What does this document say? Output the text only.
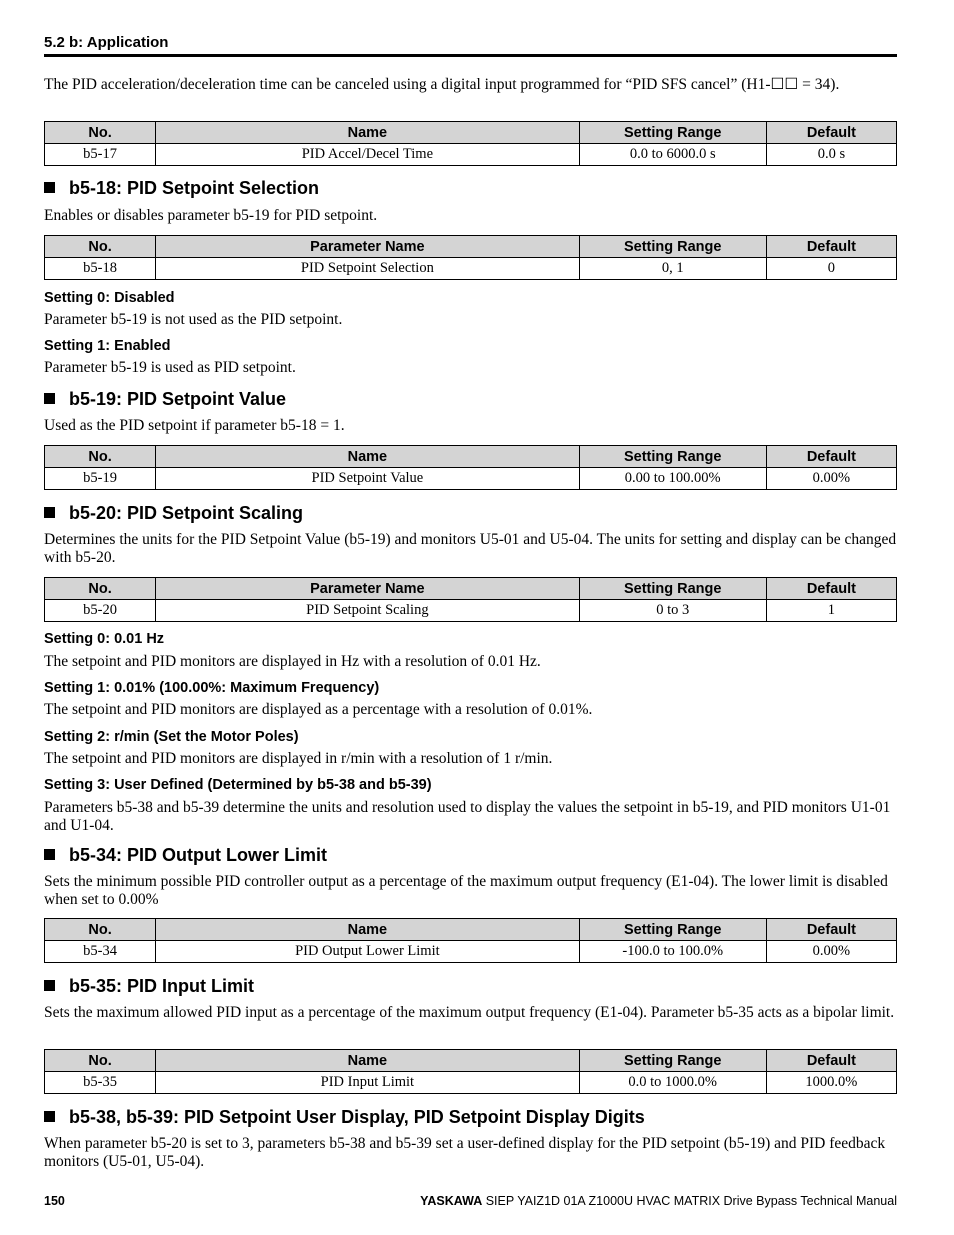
5.2 b: Application
The PID acceleration/deceleration time can be canceled using a digital input programmed for “PID SFS cancel” (H1-☐☐ = 34).
No.	Name	Setting Range	Default
b5-17	PID Accel/Decel Time	0.0 to 6000.0 s	0.0 s
b5-18: PID Setpoint Selection
Enables or disables parameter b5-19 for PID setpoint.
No.	Parameter Name	Setting Range	Default
b5-18	PID Setpoint Selection	0, 1	0
Setting 0: Disabled
Parameter b5-19 is not used as the PID setpoint.
Setting 1: Enabled
Parameter b5-19 is used as PID setpoint.
b5-19: PID Setpoint Value
Used as the PID setpoint if parameter b5-18 = 1.
No.	Name	Setting Range	Default
b5-19	PID Setpoint Value	0.00 to 100.00%	0.00%
b5-20: PID Setpoint Scaling
Determines the units for the PID Setpoint Value (b5-19) and monitors U5-01 and U5-04. The units for setting and display can be changed with b5-20.
No.	Parameter Name	Setting Range	Default
b5-20	PID Setpoint Scaling	0 to 3	1
Setting 0: 0.01 Hz
The setpoint and PID monitors are displayed in Hz with a resolution of 0.01 Hz.
Setting 1: 0.01% (100.00%: Maximum Frequency)
The setpoint and PID monitors are displayed as a percentage with a resolution of 0.01%.
Setting 2: r/min (Set the Motor Poles)
The setpoint and PID monitors are displayed in r/min with a resolution of 1 r/min.
Setting 3: User Defined (Determined by b5-38 and b5-39)
Parameters b5-38 and b5-39 determine the units and resolution used to display the values the setpoint in b5-19, and PID monitors U1-01 and U1-04.
b5-34: PID Output Lower Limit
Sets the minimum possible PID controller output as a percentage of the maximum output frequency (E1-04). The lower limit is disabled when set to 0.00%
No.	Name	Setting Range	Default
b5-34	PID Output Lower Limit	-100.0 to 100.0%	0.00%
b5-35: PID Input Limit
Sets the maximum allowed PID input as a percentage of the maximum output frequency (E1-04). Parameter b5-35 acts as a bipolar limit.
No.	Name	Setting Range	Default
b5-35	PID Input Limit	0.0 to 1000.0%	1000.0%
b5-38, b5-39: PID Setpoint User Display, PID Setpoint Display Digits
When parameter b5-20 is set to 3, parameters b5-38 and b5-39 set a user-defined display for the PID setpoint (b5-19) and PID feedback monitors (U5-01, U5-04).
150	YASKAWA SIEP YAIZ1D 01A Z1000U HVAC MATRIX Drive Bypass Technical Manual
